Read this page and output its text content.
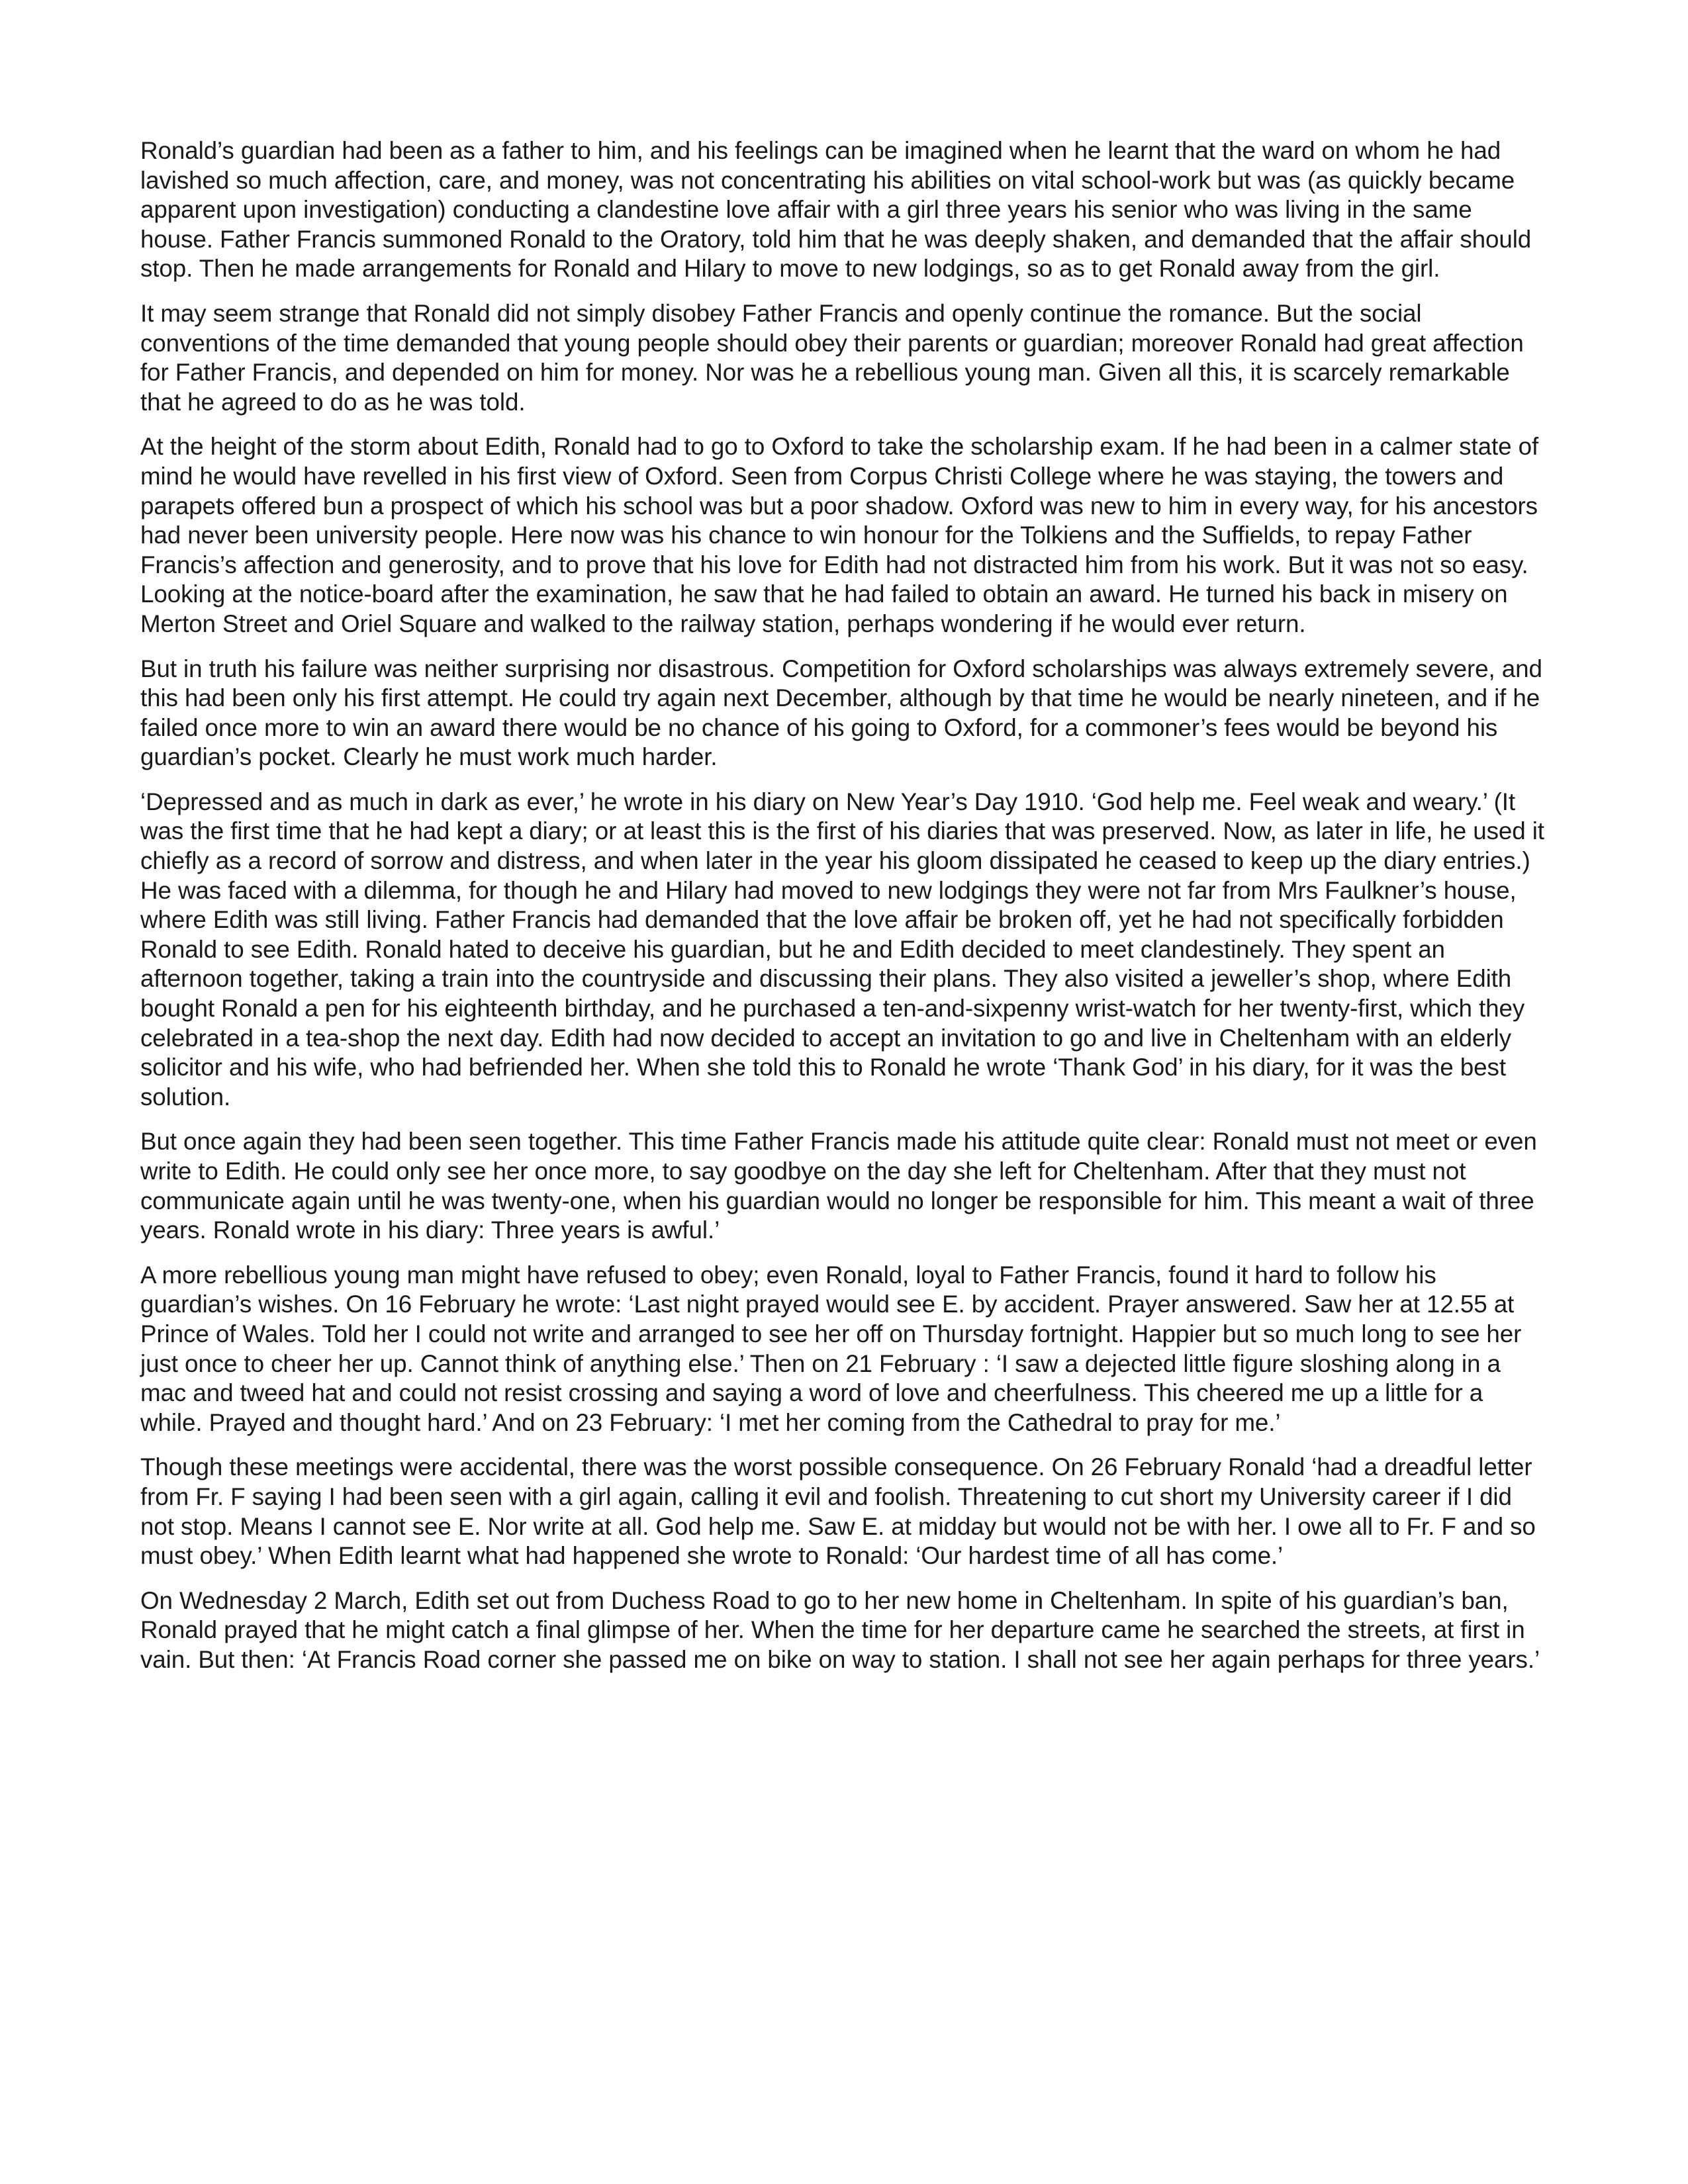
Ronald’s guardian had been as a father to him, and his feelings can be imagined when he learnt that the ward on whom he had lavished so much affection, care, and money, was not concentrating his abilities on vital school-work but was (as quickly became apparent upon investigation) conducting a clandestine love affair with a girl three years his senior who was living in the same house. Father Francis summoned Ronald to the Oratory, told him that he was deeply shaken, and demanded that the affair should stop. Then he made arrangements for Ronald and Hilary to move to new lodgings, so as to get Ronald away from the girl.

It may seem strange that Ronald did not simply disobey Father Francis and openly continue the romance. But the social conventions of the time demanded that young people should obey their parents or guardian; moreover Ronald had great affection for Father Francis, and depended on him for money. Nor was he a rebellious young man. Given all this, it is scarcely remarkable that he agreed to do as he was told.

At the height of the storm about Edith, Ronald had to go to Oxford to take the scholarship exam. If he had been in a calmer state of mind he would have revelled in his first view of Oxford. Seen from Corpus Christi College where he was staying, the towers and parapets offered bun a prospect of which his school was but a poor shadow. Oxford was new to him in every way, for his ancestors had never been university people. Here now was his chance to win honour for the Tolkiens and the Suffields, to repay Father Francis’s affection and generosity, and to prove that his love for Edith had not distracted him from his work. But it was not so easy. Looking at the notice-board after the examination, he saw that he had failed to obtain an award. He turned his back in misery on Merton Street and Oriel Square and walked to the railway station, perhaps wondering if he would ever return.

But in truth his failure was neither surprising nor disastrous. Competition for Oxford scholarships was always extremely severe, and this had been only his first attempt. He could try again next December, although by that time he would be nearly nineteen, and if he failed once more to win an award there would be no chance of his going to Oxford, for a commoner’s fees would be beyond his guardian’s pocket. Clearly he must work much harder.

‘Depressed and as much in dark as ever,’ he wrote in his diary on New Year’s Day 1910. ‘God help me. Feel weak and weary.’ (It was the first time that he had kept a diary; or at least this is the first of his diaries that was preserved. Now, as later in life, he used it chiefly as a record of sorrow and distress, and when later in the year his gloom dissipated he ceased to keep up the diary entries.) He was faced with a dilemma, for though he and Hilary had moved to new lodgings they were not far from Mrs Faulkner’s house, where Edith was still living. Father Francis had demanded that the love affair be broken off, yet he had not specifically forbidden Ronald to see Edith. Ronald hated to deceive his guardian, but he and Edith decided to meet clandestinely. They spent an afternoon together, taking a train into the countryside and discussing their plans. They also visited a jeweller’s shop, where Edith bought Ronald a pen for his eighteenth birthday, and he purchased a ten-and-sixpenny wrist-watch for her twenty-first, which they celebrated in a tea-shop the next day. Edith had now decided to accept an invitation to go and live in Cheltenham with an elderly solicitor and his wife, who had befriended her. When she told this to Ronald he wrote ‘Thank God’ in his diary, for it was the best solution.

But once again they had been seen together. This time Father Francis made his attitude quite clear: Ronald must not meet or even write to Edith. He could only see her once more, to say goodbye on the day she left for Cheltenham. After that they must not communicate again until he was twenty-one, when his guardian would no longer be responsible for him. This meant a wait of three years. Ronald wrote in his diary: Three years is awful.’

A more rebellious young man might have refused to obey; even Ronald, loyal to Father Francis, found it hard to follow his guardian’s wishes. On 16 February he wrote: ‘Last night prayed would see E. by accident. Prayer answered. Saw her at 12.55 at Prince of Wales. Told her I could not write and arranged to see her off on Thursday fortnight. Happier but so much long to see her just once to cheer her up. Cannot think of anything else.’ Then on 21 February : ‘I saw a dejected little figure sloshing along in a mac and tweed hat and could not resist crossing and saying a word of love and cheerfulness. This cheered me up a little for a while. Prayed and thought hard.’ And on 23 February: ‘I met her coming from the Cathedral to pray for me.’

Though these meetings were accidental, there was the worst possible consequence. On 26 February Ronald ‘had a dreadful letter from Fr. F saying I had been seen with a girl again, calling it evil and foolish. Threatening to cut short my University career if I did not stop. Means I cannot see E. Nor write at all. God help me. Saw E. at midday but would not be with her. I owe all to Fr. F and so must obey.’ When Edith learnt what had happened she wrote to Ronald: ‘Our hardest time of all has come.’

On Wednesday 2 March, Edith set out from Duchess Road to go to her new home in Cheltenham. In spite of his guardian’s ban, Ronald prayed that he might catch a final glimpse of her. When the time for her departure came he searched the streets, at first in vain. But then: ‘At Francis Road corner she passed me on bike on way to station. I shall not see her again perhaps for three years.’
